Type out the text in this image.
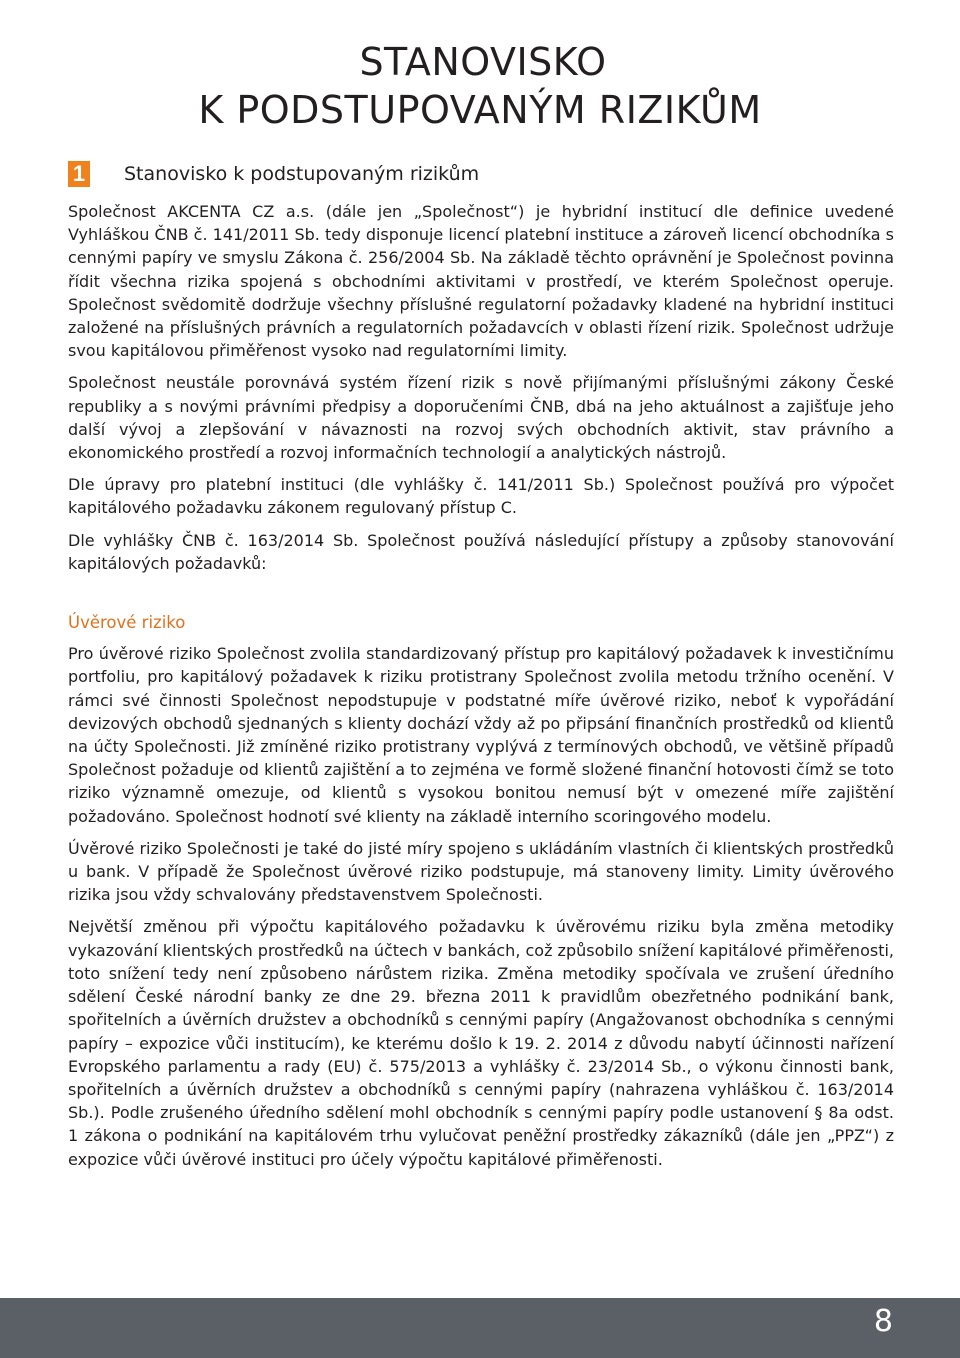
STANOVISKO
K PODSTUPOVANÝM RIZIKŮM
1 Stanovisko k podstupovaným rizikům

Společnost AKCENTA CZ a.s. (dále jen „Společnost“) je hybridní institucí dle definice uvedené Vyhláškou ČNB č. 141/2011 Sb. tedy disponuje licencí platební instituce a zároveň licencí obchodníka s cennými papíry ve smyslu Zákona č. 256/2004 Sb. Na základě těchto oprávnění je Společnost povinna řídit všechna rizika spojená s obchodními aktivitami v prostředí, ve kterém Společnost operuje. Společnost svědomitě dodržuje všechny příslušné regulatorní požadavky kladené na hybridní instituci založené na příslušných právních a regulatorních požadavcích v oblasti řízení rizik. Společnost udržuje svou kapitálovou přiměřenost vysoko nad regulatorními limity.

Společnost neustále porovnává systém řízení rizik s nově přijímanými příslušnými zákony České republiky a s novými právními předpisy a doporučeními ČNB, dbá na jeho aktuálnost a zajišťuje jeho další vývoj a zlepšování v návaznosti na rozvoj svých obchodních aktivit, stav právního a ekonomického prostředí a rozvoj informačních technologií a analytických nástrojů.

Dle úpravy pro platební instituci (dle vyhlášky č. 141/2011 Sb.) Společnost používá pro výpočet kapitálového požadavku zákonem regulovaný přístup C.

Dle vyhlášky ČNB č. 163/2014 Sb. Společnost používá následující přístupy a způsoby stanovování kapitálových požadavků:

Úvěrové riziko

Pro úvěrové riziko Společnost zvolila standardizovaný přístup pro kapitálový požadavek k investičnímu portfoliu, pro kapitálový požadavek k riziku protistrany Společnost zvolila metodu tržního ocenění. V rámci své činnosti Společnost nepodstupuje v podstatné míře úvěrové riziko, neboť k vypořádání devizových obchodů sjednaných s klienty dochází vždy až po připsání finančních prostředků od klientů na účty Společnosti. Již zmíněné riziko protistrany vyplývá z termínových obchodů, ve většině případů Společnost požaduje od klientů zajištění a to zejména ve formě složené finanční hotovosti čímž se toto riziko významně omezuje, od klientů s vysokou bonitou nemusí být v omezené míře zajištění požadováno. Společnost hodnotí své klienty na základě interního scoringového modelu.

Úvěrové riziko Společnosti je také do jisté míry spojeno s ukládáním vlastních či klientských prostředků u bank. V případě že Společnost úvěrové riziko podstupuje, má stanoveny limity. Limity úvěrového rizika jsou vždy schvalovány představenstvem Společnosti.

Největší změnou při výpočtu kapitálového požadavku k úvěrovému riziku byla změna metodiky vykazování klientských prostředků na účtech v bankách, což způsobilo snížení kapitálové přiměřenosti, toto snížení tedy není způsobeno nárůstem rizika. Změna metodiky spočívala ve zrušení úředního sdělení České národní banky ze dne 29. března 2011 k pravidlům obezřetného podnikání bank, spořitelních a úvěrních družstev a obchodníků s cennými papíry (Angažovanost obchodníka s cennými papíry – expozice vůči institucím), ke kterému došlo k 19. 2. 2014 z důvodu nabytí účinnosti nařízení Evropského parlamentu a rady (EU) č. 575/2013 a vyhlášky č. 23/2014 Sb., o výkonu činnosti bank, spořitelních a úvěrních družstev a obchodníků s cennými papíry (nahrazena vyhláškou č. 163/2014 Sb.). Podle zrušeného úředního sdělení mohl obchodník s cennými papíry podle ustanovení § 8a odst. 1 zákona o podnikání na kapitálovém trhu vylučovat peněžní prostředky zákazníků (dále jen „PPZ“) z expozice vůči úvěrové instituci pro účely výpočtu kapitálové přiměřenosti.

8
